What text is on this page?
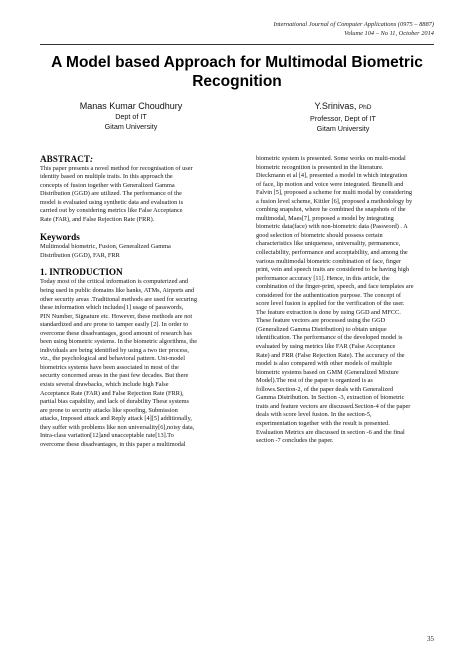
International Journal of Computer Applications (0975 – 8887)
Volume 104 – No 11, October 2014
A Model based Approach for Multimodal Biometric
Recognition
Manas Kumar Choudhury
Dept of IT
Gitam University
Y.Srinivas, PhD
Professor, Dept of IT
Gitam University
ABSTRACT:
This paper presents a novel method for recognisation of user
identity based on multiple traits. In this approach the
concepts of fusion together with Generalized Gamma
Distribution (GGD) are utilized. The performance of the
model is evaluated using synthetic data and evaluation is
carried out by considering metrics like False Acceptance
Rate (FAR), and False Rejection Rate (FRR).
Keywords
Multimodal biometric, Fusion, Generalized Gamma
Distribution (GGD), FAR, FRR
1. INTRODUCTION
Today most of the critical information is computerized and
being used in public domains like banks, ATMs, Airports and
other security areas .Traditional methods are used for securing
these information which includes[1] usage of passwords,
PIN Number, Signature etc. However, these methods are not
standardized and are prone to tamper easily [2]. In order to
overcome these disadvantages, good amount of research has
been using biometric systems. In the biometric algorithms, the
individuals are being identified by using a two tier process,
viz., the psychological and behavioral pattern. Uni-model
biometrics systems have been associated in most of the
security concerned areas in the past few decades. But there
exists several drawbacks, which include high False
Acceptance Rate (FAR) and False Rejection Rate (FRR),
partial bias capability, and lack of durability These systems
are prone to security attacks like spoofing, Submission
attacks, Imposed attack and Reply attack [4][5] additionally,
they suffer with problems like non universality[6],noisy data,
Intra-class variation[12]and unacceptable rate[13].To
overcome these disadvantages, in this paper a multimodal
biometric system is presented. Some works on multi-modal
biometric recognition is presented in the literature.
Dieckmann et al [4], presented a model in which integration
of face, lip motion and voice were integrated. Brunelli and
Falvin [5], proposed a scheme for multi modal by considering
a fusion level scheme, Kittler [6], proposed a methodology by
combing snapshot, where he combined the snapshots of the
multimodal, Maes[7], proposed a model by integrating
biometric data(face) with non-biometric data (Password) . A
good selection of biometric should possess certain
characteristics like uniqueness, universality, permanence,
collectability, performance and acceptability, and among the
various multimodal biometric combination of face, finger
print, vein and speech traits are considered to be having high
performance accuracy [11]. Hence, in this article, the
combination of the finger-print, speech, and face templates are
considered for the authentication purpose. The concept of
score level fusion is applied for the verification of the user.
The feature extraction is done by using GGD and MFCC.
These feature vectors are processed using the GGD
(Generalized Gamma Distribution) to obtain unique
identification. The performance of the developed model is
evaluated by using metrics like FAR (False Acceptance
Rate) and FRR (False Rejection Rate). The accuracy of the
model is also compared with other models of multiple
biometric systems based on GMM (Generalized Mixture
Model).The rest of the paper is organized is as
follows.Section-2, of the paper deals with Generalized
Gamma Distribution. In Section -3, extraction of biometric
traits and feature vectors are discussed.Section-4 of the paper
deals with score level fusion. In the section-5,
experimentation together with the result is presented.
Evaluation Metrics are discussed in section -6 and the final
section -7 concludes the paper.
35
